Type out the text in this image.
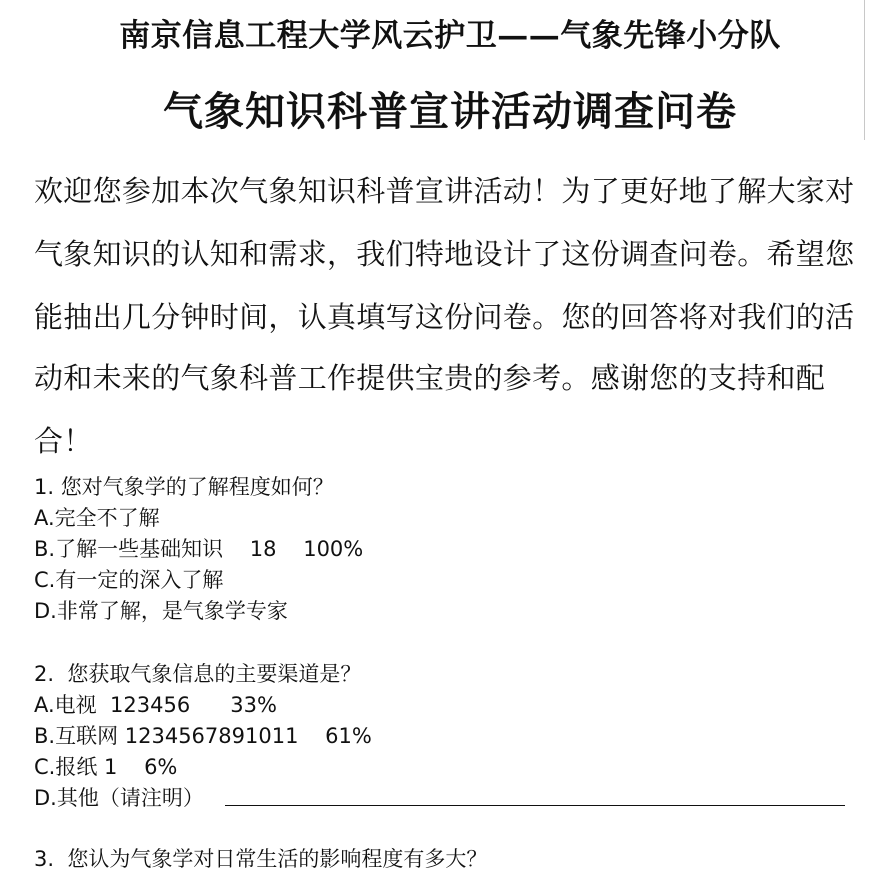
南京信息工程大学风云护卫——气象先锋小分队
气象知识科普宣讲活动调查问卷
欢迎您参加本次气象知识科普宣讲活动！为了更好地了解大家对
气象知识的认知和需求，我们特地设计了这份调查问卷。希望您
能抽出几分钟时间，认真填写这份问卷。您的回答将对我们的活
动和未来的气象科普工作提供宝贵的参考。感谢您的支持和配
合！
1. 您对气象学的了解程度如何？
A.完全不了解
B.了解一些基础知识    18    100%
C.有一定的深入了解
D.非常了解，是气象学专家
2.  您获取气象信息的主要渠道是？
A.电视  123456      33%
B.互联网 1234567891011    61%
C.报纸 1    6%
D.其他（请注明）
3.  您认为气象学对日常生活的影响程度有多大？
